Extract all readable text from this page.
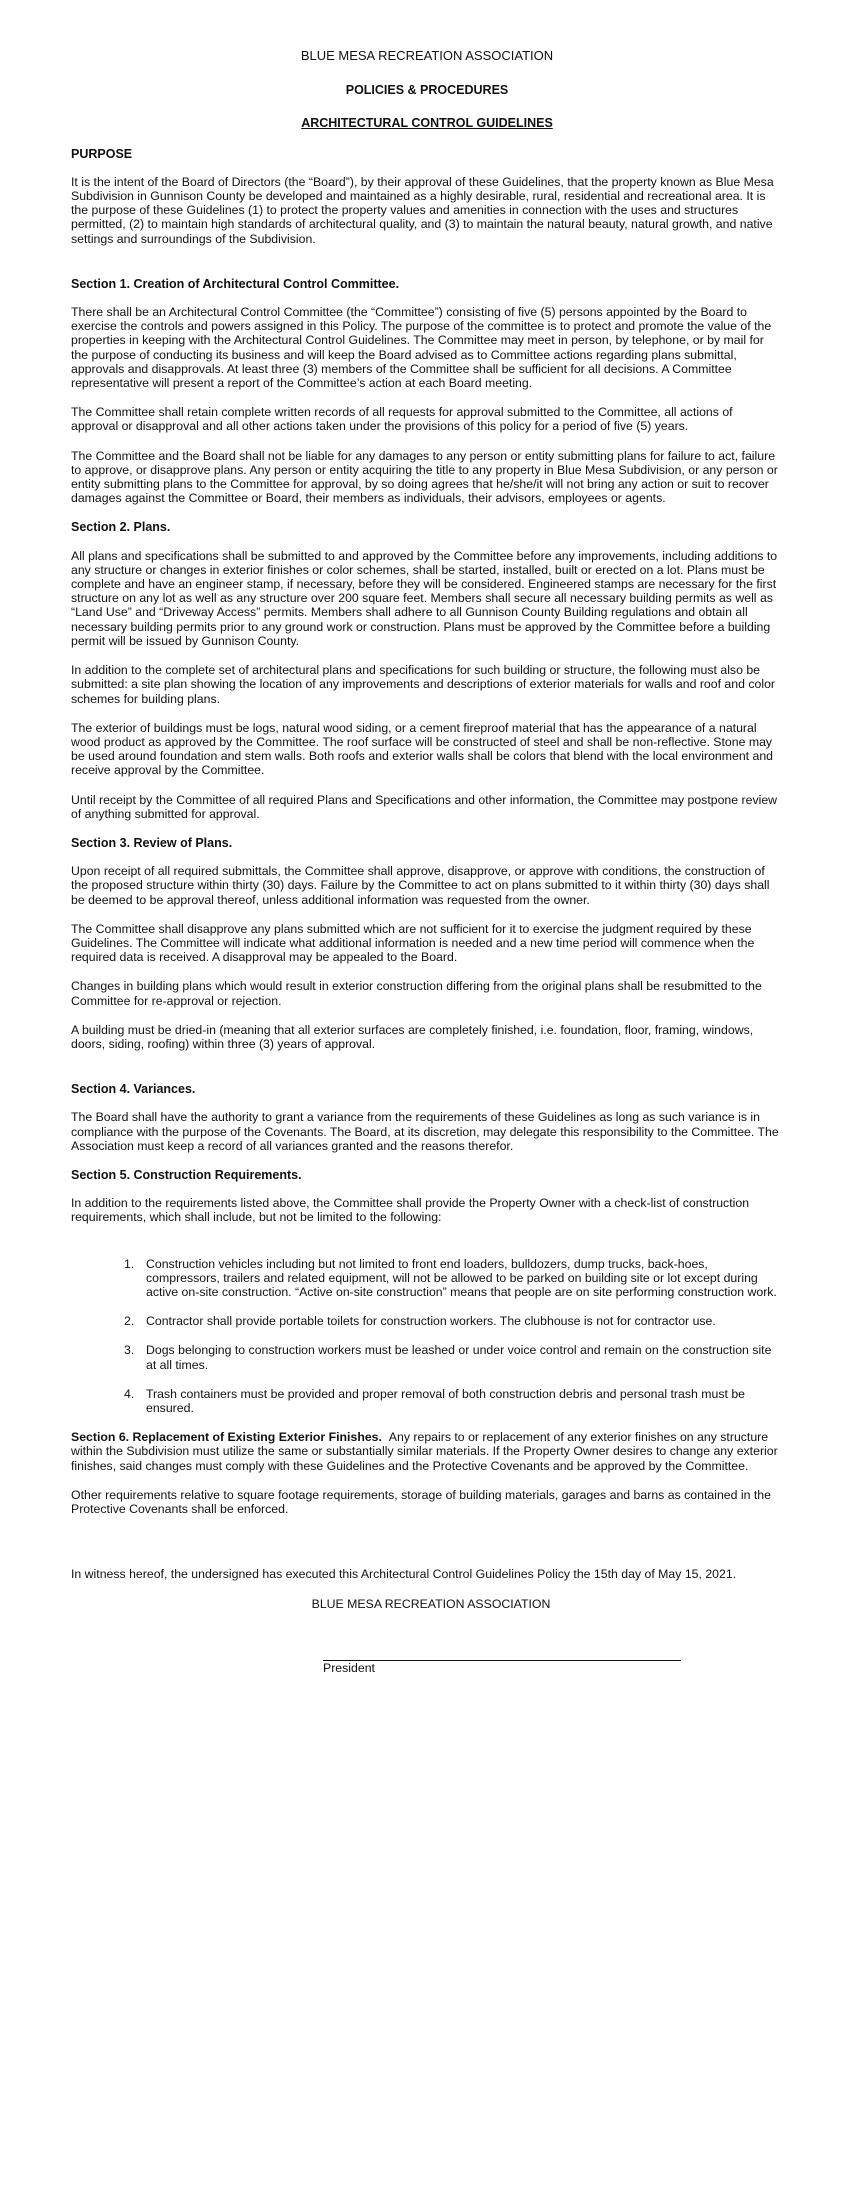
BLUE MESA RECREATION ASSOCIATION
POLICIES & PROCEDURES
ARCHITECTURAL CONTROL GUIDELINES
PURPOSE

It is the intent of the Board of Directors (the “Board”), by their approval of these Guidelines, that the property known as Blue Mesa Subdivision in Gunnison County be developed and maintained as a highly desirable, rural, residential and recreational area. It is the purpose of these Guidelines (1) to protect the property values and amenities in connection with the uses and structures permitted, (2) to maintain high standards of architectural quality, and (3) to maintain the natural beauty, natural growth, and native settings and surroundings of the Subdivision.

Section 1. Creation of Architectural Control Committee.

There shall be an Architectural Control Committee (the “Committee”) consisting of five (5) persons appointed by the Board to exercise the controls and powers assigned in this Policy. The purpose of the committee is to protect and promote the value of the properties in keeping with the Architectural Control Guidelines. The Committee may meet in person, by telephone, or by mail for the purpose of conducting its business and will keep the Board advised as to Committee actions regarding plans submittal, approvals and disapprovals. At least three (3) members of the Committee shall be sufficient for all decisions. A Committee representative will present a report of the Committee’s action at each Board meeting.

The Committee shall retain complete written records of all requests for approval submitted to the Committee, all actions of approval or disapproval and all other actions taken under the provisions of this policy for a period of five (5) years.

The Committee and the Board shall not be liable for any damages to any person or entity submitting plans for failure to act, failure to approve, or disapprove plans. Any person or entity acquiring the title to any property in Blue Mesa Subdivision, or any person or entity submitting plans to the Committee for approval, by so doing agrees that he/she/it will not bring any action or suit to recover damages against the Committee or Board, their members as individuals, their advisors, employees or agents.

Section 2. Plans.

All plans and specifications shall be submitted to and approved by the Committee before any improvements, including additions to any structure or changes in exterior finishes or color schemes, shall be started, installed, built or erected on a lot. Plans must be complete and have an engineer stamp, if necessary, before they will be considered. Engineered stamps are necessary for the first structure on any lot as well as any structure over 200 square feet. Members shall secure all necessary building permits as well as “Land Use” and “Driveway Access” permits. Members shall adhere to all Gunnison County Building regulations and obtain all necessary building permits prior to any ground work or construction. Plans must be approved by the Committee before a building permit will be issued by Gunnison County.

In addition to the complete set of architectural plans and specifications for such building or structure, the following must also be submitted: a site plan showing the location of any improvements and descriptions of exterior materials for walls and roof and color schemes for building plans.

The exterior of buildings must be logs, natural wood siding, or a cement fireproof material that has the appearance of a natural wood product as approved by the Committee. The roof surface will be constructed of steel and shall be non-reflective. Stone may be used around foundation and stem walls. Both roofs and exterior walls shall be colors that blend with the local environment and receive approval by the Committee.

Until receipt by the Committee of all required Plans and Specifications and other information, the Committee may postpone review of anything submitted for approval.

Section 3. Review of Plans.

Upon receipt of all required submittals, the Committee shall approve, disapprove, or approve with conditions, the construction of the proposed structure within thirty (30) days. Failure by the Committee to act on plans submitted to it within thirty (30) days shall be deemed to be approval thereof, unless additional information was requested from the owner.

The Committee shall disapprove any plans submitted which are not sufficient for it to exercise the judgment required by these Guidelines. The Committee will indicate what additional information is needed and a new time period will commence when the required data is received. A disapproval may be appealed to the Board.

Changes in building plans which would result in exterior construction differing from the original plans shall be resubmitted to the Committee for re-approval or rejection.

A building must be dried-in (meaning that all exterior surfaces are completely finished, i.e. foundation, floor, framing, windows, doors, siding, roofing) within three (3) years of approval.

Section 4. Variances.

The Board shall have the authority to grant a variance from the requirements of these Guidelines as long as such variance is in compliance with the purpose of the Covenants. The Board, at its discretion, may delegate this responsibility to the Committee. The Association must keep a record of all variances granted and the reasons therefor.

Section 5. Construction Requirements.

In addition to the requirements listed above, the Committee shall provide the Property Owner with a check-list of construction requirements, which shall include, but not be limited to the following:

1. Construction vehicles including but not limited to front end loaders, bulldozers, dump trucks, back-hoes, compressors, trailers and related equipment, will not be allowed to be parked on building site or lot except during active on-site construction. “Active on-site construction” means that people are on site performing construction work.
2. Contractor shall provide portable toilets for construction workers. The clubhouse is not for contractor use.
3. Dogs belonging to construction workers must be leashed or under voice control and remain on the construction site at all times.
4. Trash containers must be provided and proper removal of both construction debris and personal trash must be ensured.

Section 6. Replacement of Existing Exterior Finishes. Any repairs to or replacement of any exterior finishes on any structure within the Subdivision must utilize the same or substantially similar materials. If the Property Owner desires to change any exterior finishes, said changes must comply with these Guidelines and the Protective Covenants and be approved by the Committee.

Other requirements relative to square footage requirements, storage of building materials, garages and barns as contained in the Protective Covenants shall be enforced.

In witness hereof, the undersigned has executed this Architectural Control Guidelines Policy the 15th day of May 15, 2021.

BLUE MESA RECREATION ASSOCIATION
President
